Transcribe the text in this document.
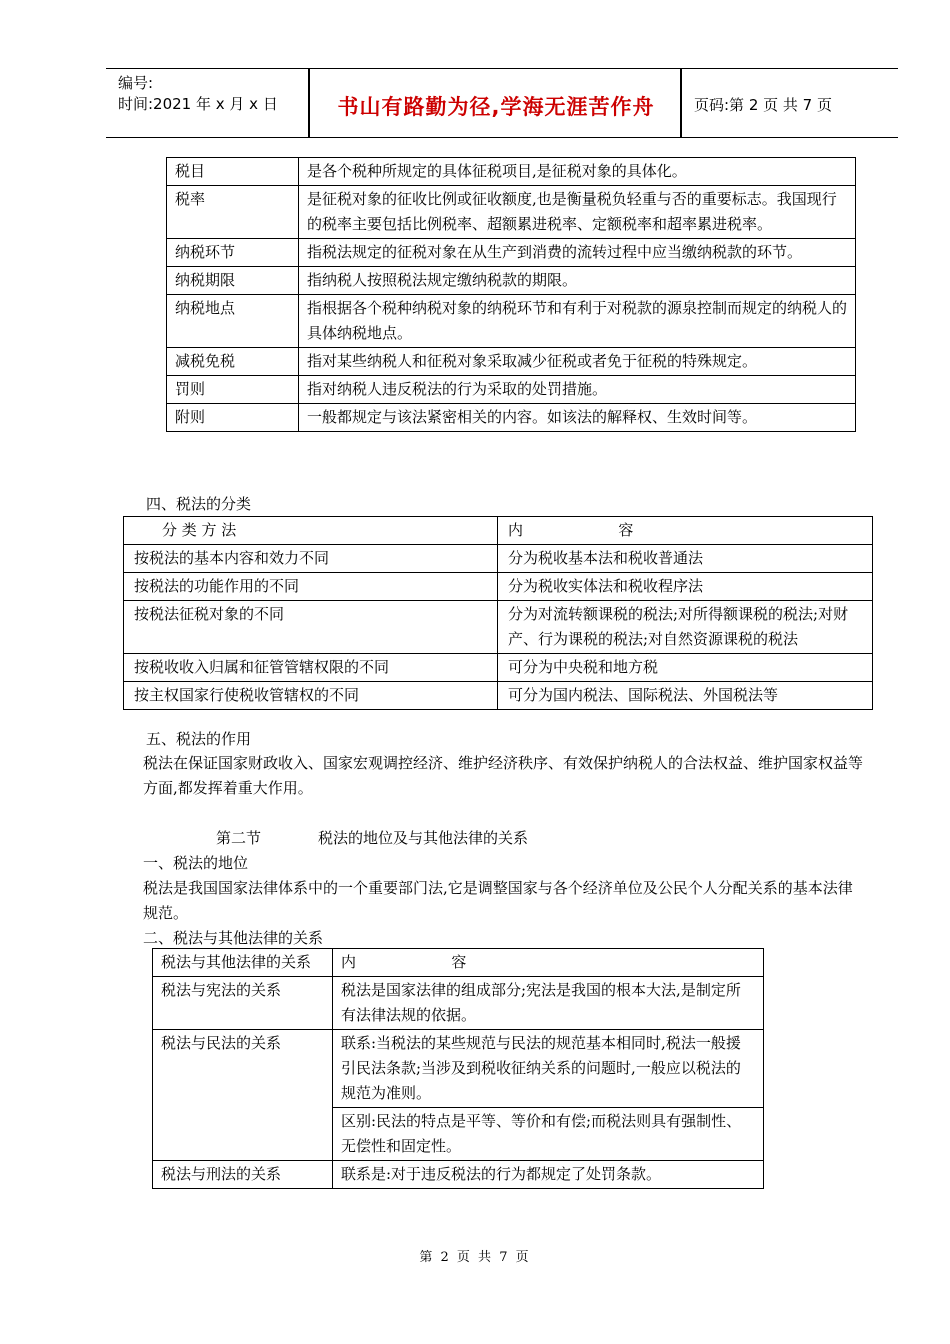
编号:
时间:2021 年 x 月 x 日	书山有路勤为径,学海无涯苦作舟	页码:第 2 页 共 7 页
税目	是各个税种所规定的具体征税项目,是征税对象的具体化。
税率	是征税对象的征收比例或征收额度,也是衡量税负轻重与否的重要标志。我国现行的税率主要包括比例税率、超额累进税率、定额税率和超率累进税率。
纳税环节	指税法规定的征税对象在从生产到消费的流转过程中应当缴纳税款的环节。
纳税期限	指纳税人按照税法规定缴纳税款的期限。
纳税地点	指根据各个税种纳税对象的纳税环节和有利于对税款的源泉控制而规定的纳税人的具体纳税地点。
减税免税	指对某些纳税人和征税对象采取减少征税或者免于征税的特殊规定。
罚则	指对纳税人违反税法的行为采取的处罚措施。
附则	一般都规定与该法紧密相关的内容。如该法的解释权、生效时间等。
四、税法的分类
分 类 方 法	内                    容
按税法的基本内容和效力不同	分为税收基本法和税收普通法
按税法的功能作用的不同	分为税收实体法和税收程序法
按税法征税对象的不同	分为对流转额课税的税法;对所得额课税的税法;对财产、行为课税的税法;对自然资源课税的税法
按税收收入归属和征管管辖权限的不同	可分为中央税和地方税
按主权国家行使税收管辖权的不同	可分为国内税法、国际税法、外国税法等
五、税法的作用
税法在保证国家财政收入、国家宏观调控经济、维护经济秩序、有效保护纳税人的合法权益、维护国家权益等方面,都发挥着重大作用。
第二节	税法的地位及与其他法律的关系
一、税法的地位
税法是我国国家法律体系中的一个重要部门法,它是调整国家与各个经济单位及公民个人分配关系的基本法律规范。
二、税法与其他法律的关系
税法与其他法律的关系	内                    容
税法与宪法的关系	税法是国家法律的组成部分;宪法是我国的根本大法,是制定所有法律法规的依据。
税法与民法的关系	联系:当税法的某些规范与民法的规范基本相同时,税法一般援引民法条款;当涉及到税收征纳关系的问题时,一般应以税法的规范为准则。
	区别:民法的特点是平等、等价和有偿;而税法则具有强制性、无偿性和固定性。
税法与刑法的关系	联系是:对于违反税法的行为都规定了处罚条款。
第 2 页 共 7 页
